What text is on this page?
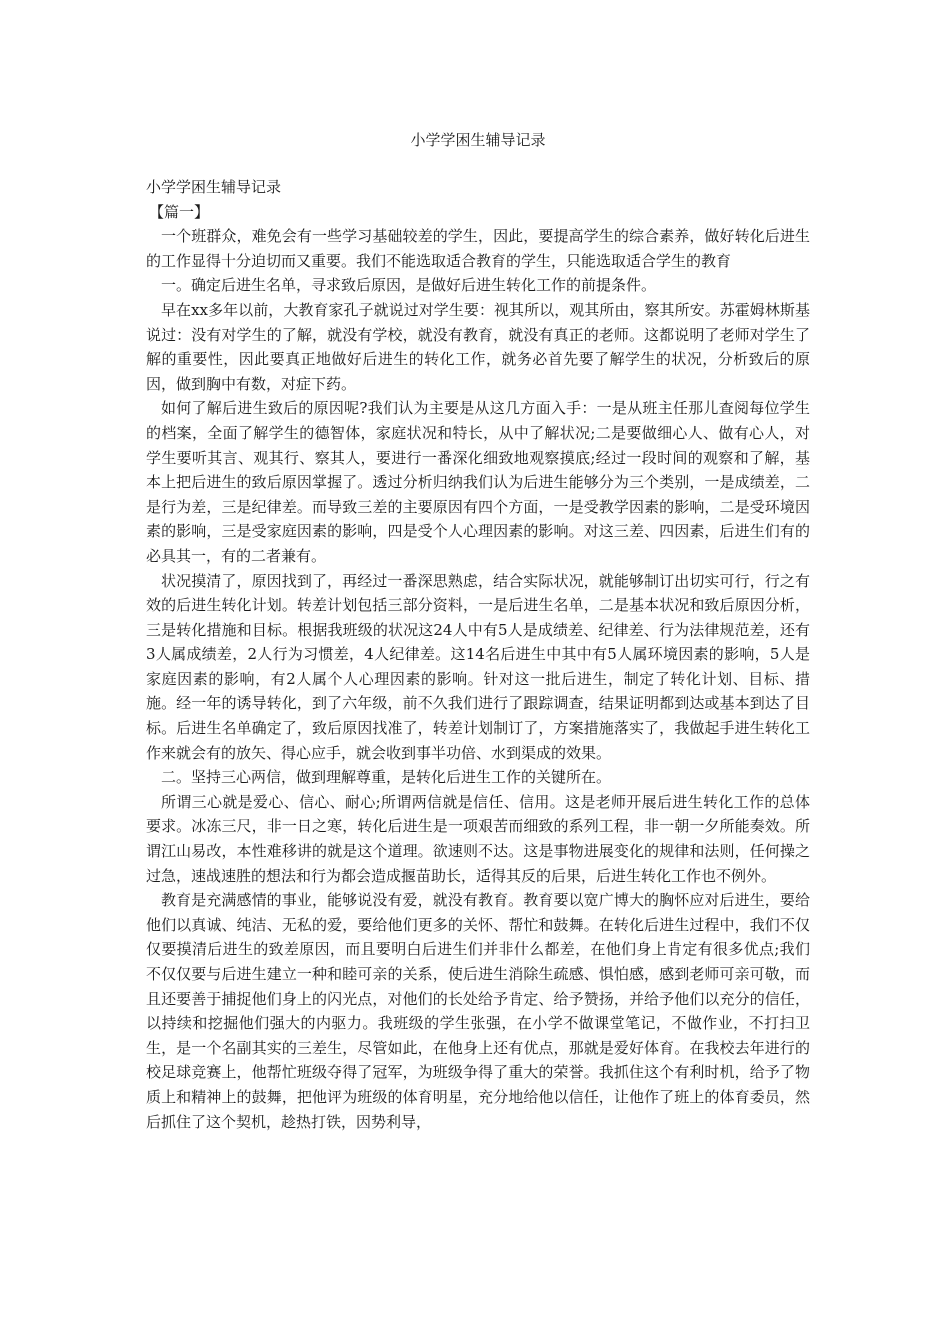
小学学困生辅导记录

小学学困生辅导记录

【篇一】

一个班群众，难免会有一些学习基础较差的学生，因此，要提高学生的综合素养，做好转化后进生的工作显得十分迫切而又重要。我们不能选取适合教育的学生，只能选取适合学生的教育

一。确定后进生名单，寻求致后原因，是做好后进生转化工作的前提条件。

早在xx多年以前，大教育家孔子就说过对学生要：视其所以，观其所由，察其所安。苏霍姆林斯基说过：没有对学生的了解，就没有学校，就没有教育，就没有真正的老师。这都说明了老师对学生了解的重要性，因此要真正地做好后进生的转化工作，就务必首先要了解学生的状况，分析致后的原因，做到胸中有数，对症下药。

如何了解后进生致后的原因呢?我们认为主要是从这几方面入手：一是从班主任那儿查阅每位学生的档案，全面了解学生的德智体，家庭状况和特长，从中了解状况;二是要做细心人、做有心人，对学生要听其言、观其行、察其人，要进行一番深化细致地观察摸底;经过一段时间的观察和了解，基本上把后进生的致后原因掌握了。透过分析归纳我们认为后进生能够分为三个类别，一是成绩差，二是行为差，三是纪律差。而导致三差的主要原因有四个方面，一是受教学因素的影响，二是受环境因素的影响，三是受家庭因素的影响，四是受个人心理因素的影响。对这三差、四因素，后进生们有的必具其一，有的二者兼有。

状况摸清了，原因找到了，再经过一番深思熟虑，结合实际状况，就能够制订出切实可行，行之有效的后进生转化计划。转差计划包括三部分资料，一是后进生名单，二是基本状况和致后原因分析，三是转化措施和目标。根据我班级的状况这24人中有5人是成绩差、纪律差、行为法律规范差，还有3人属成绩差，2人行为习惯差，4人纪律差。这14名后进生中其中有5人属环境因素的影响，5人是家庭因素的影响，有2人属个人心理因素的影响。针对这一批后进生，制定了转化计划、目标、措施。经一年的诱导转化，到了六年级，前不久我们进行了跟踪调查，结果证明都到达或基本到达了目标。后进生名单确定了，致后原因找准了，转差计划制订了，方案措施落实了，我做起手进生转化工作来就会有的放矢、得心应手，就会收到事半功倍、水到渠成的效果。

二。坚持三心两信，做到理解尊重，是转化后进生工作的关键所在。

所谓三心就是爱心、信心、耐心;所谓两信就是信任、信用。这是老师开展后进生转化工作的总体要求。冰冻三尺，非一日之寒，转化后进生是一项艰苦而细致的系列工程，非一朝一夕所能奏效。所谓江山易改，本性难移讲的就是这个道理。欲速则不达。这是事物进展变化的规律和法则，任何操之过急，速战速胜的想法和行为都会造成揠苗助长，适得其反的后果，后进生转化工作也不例外。

教育是充满感情的事业，能够说没有爱，就没有教育。教育要以宽广博大的胸怀应对后进生，要给他们以真诚、纯洁、无私的爱，要给他们更多的关怀、帮忙和鼓舞。在转化后进生过程中，我们不仅仅要摸清后进生的致差原因，而且要明白后进生们并非什么都差，在他们身上肯定有很多优点;我们不仅仅要与后进生建立一种和睦可亲的关系，使后进生消除生疏感、惧怕感，感到老师可亲可敬，而且还要善于捕捉他们身上的闪光点，对他们的长处给予肯定、给予赞扬，并给予他们以充分的信任，以持续和挖掘他们强大的内驱力。我班级的学生张强，在小学不做课堂笔记，不做作业，不打扫卫生，是一个名副其实的三差生，尽管如此，在他身上还有优点，那就是爱好体育。在我校去年进行的校足球竞赛上，他帮忙班级夺得了冠军，为班级争得了重大的荣誉。我抓住这个有利时机，给予了物质上和精神上的鼓舞，把他评为班级的体育明星，充分地给他以信任，让他作了班上的体育委员，然后抓住了这个契机，趁热打铁，因势利导，
